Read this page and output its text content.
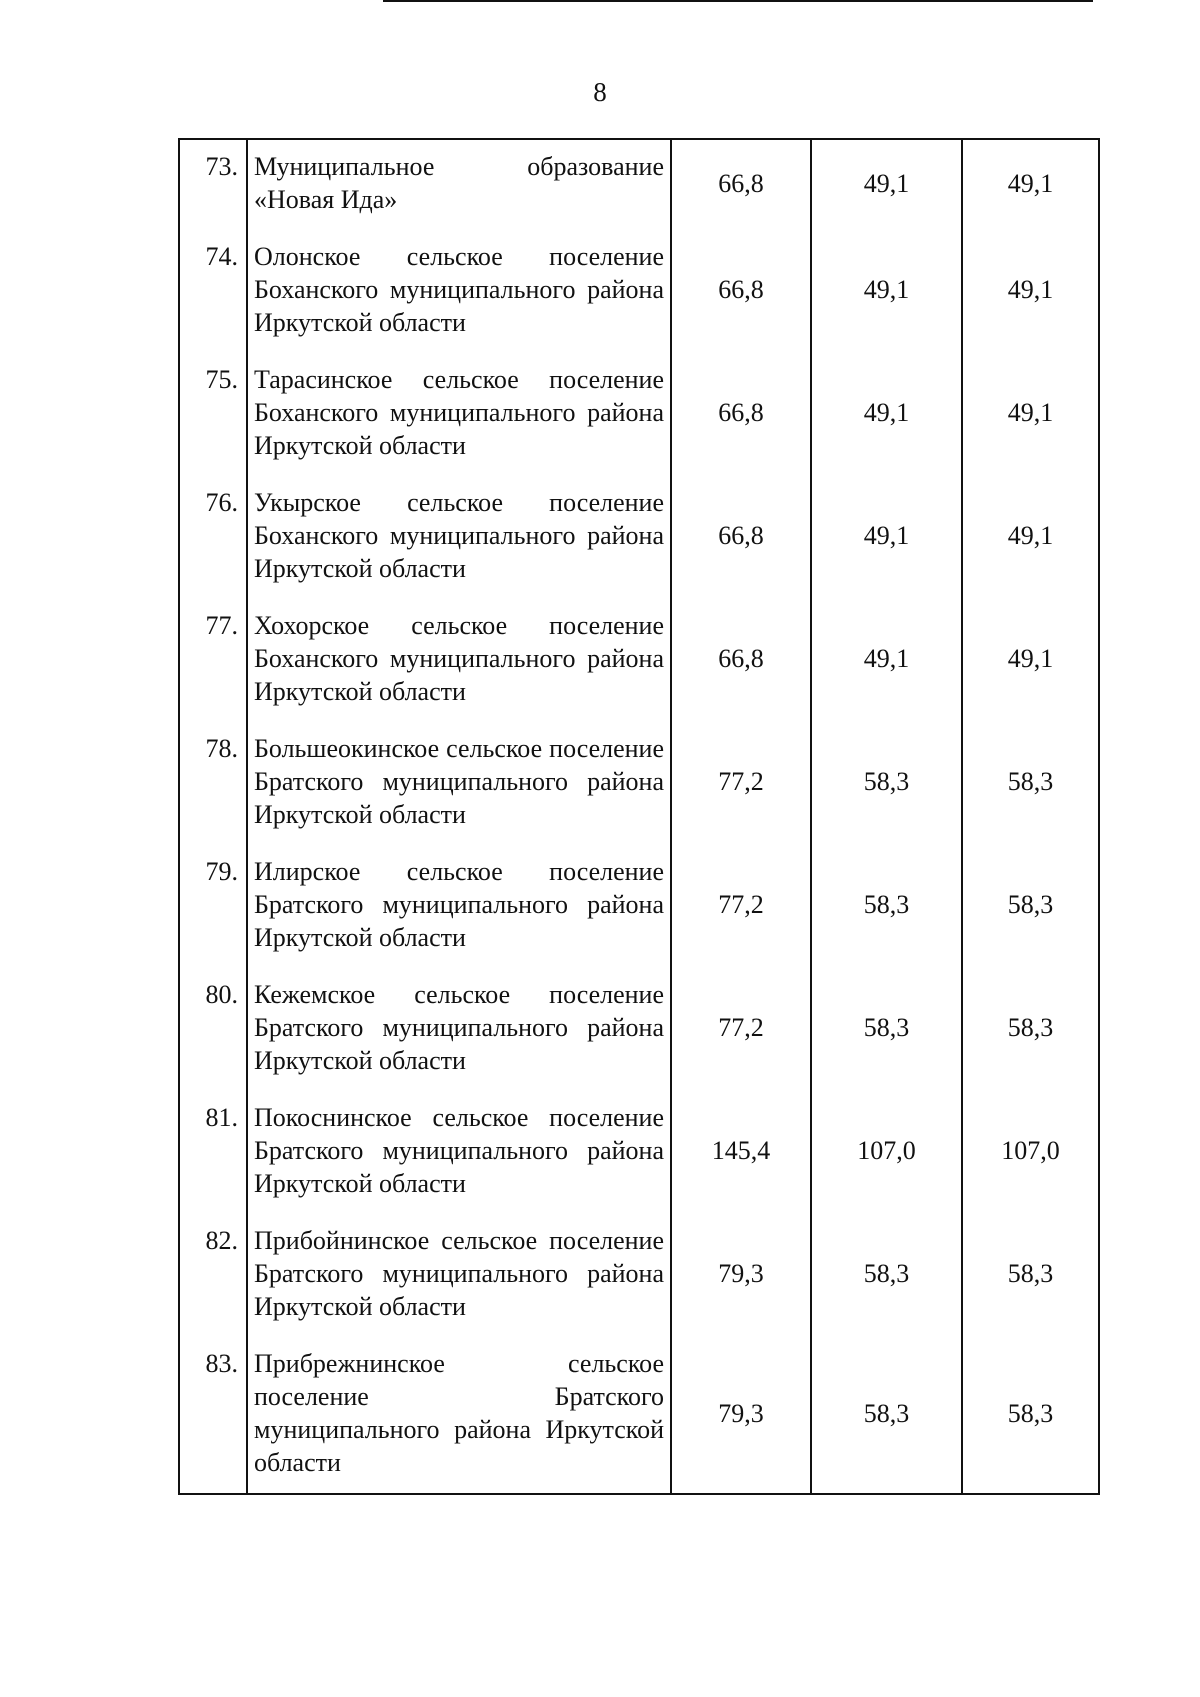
8
73.	Муниципальное образование «Новая Ида»	66,8	49,1	49,1
74.	Олонское сельское поселение Боханского муниципального района Иркутской области	66,8	49,1	49,1
75.	Тарасинское сельское поселение Боханского муниципального района Иркутской области	66,8	49,1	49,1
76.	Укырское сельское поселение Боханского муниципального района Иркутской области	66,8	49,1	49,1
77.	Хохорское сельское поселение Боханского муниципального района Иркутской области	66,8	49,1	49,1
78.	Большеокинское сельское поселение Братского муниципального района Иркутской области	77,2	58,3	58,3
79.	Илирское сельское поселение Братского муниципального района Иркутской области	77,2	58,3	58,3
80.	Кежемское сельское поселение Братского муниципального района Иркутской области	77,2	58,3	58,3
81.	Покоснинское сельское поселение Братского муниципального района Иркутской области	145,4	107,0	107,0
82.	Прибойнинское сельское поселение Братского муниципального района Иркутской области	79,3	58,3	58,3
83.	Прибрежнинское сельское поселение Братского муниципального района Иркутской области	79,3	58,3	58,3
